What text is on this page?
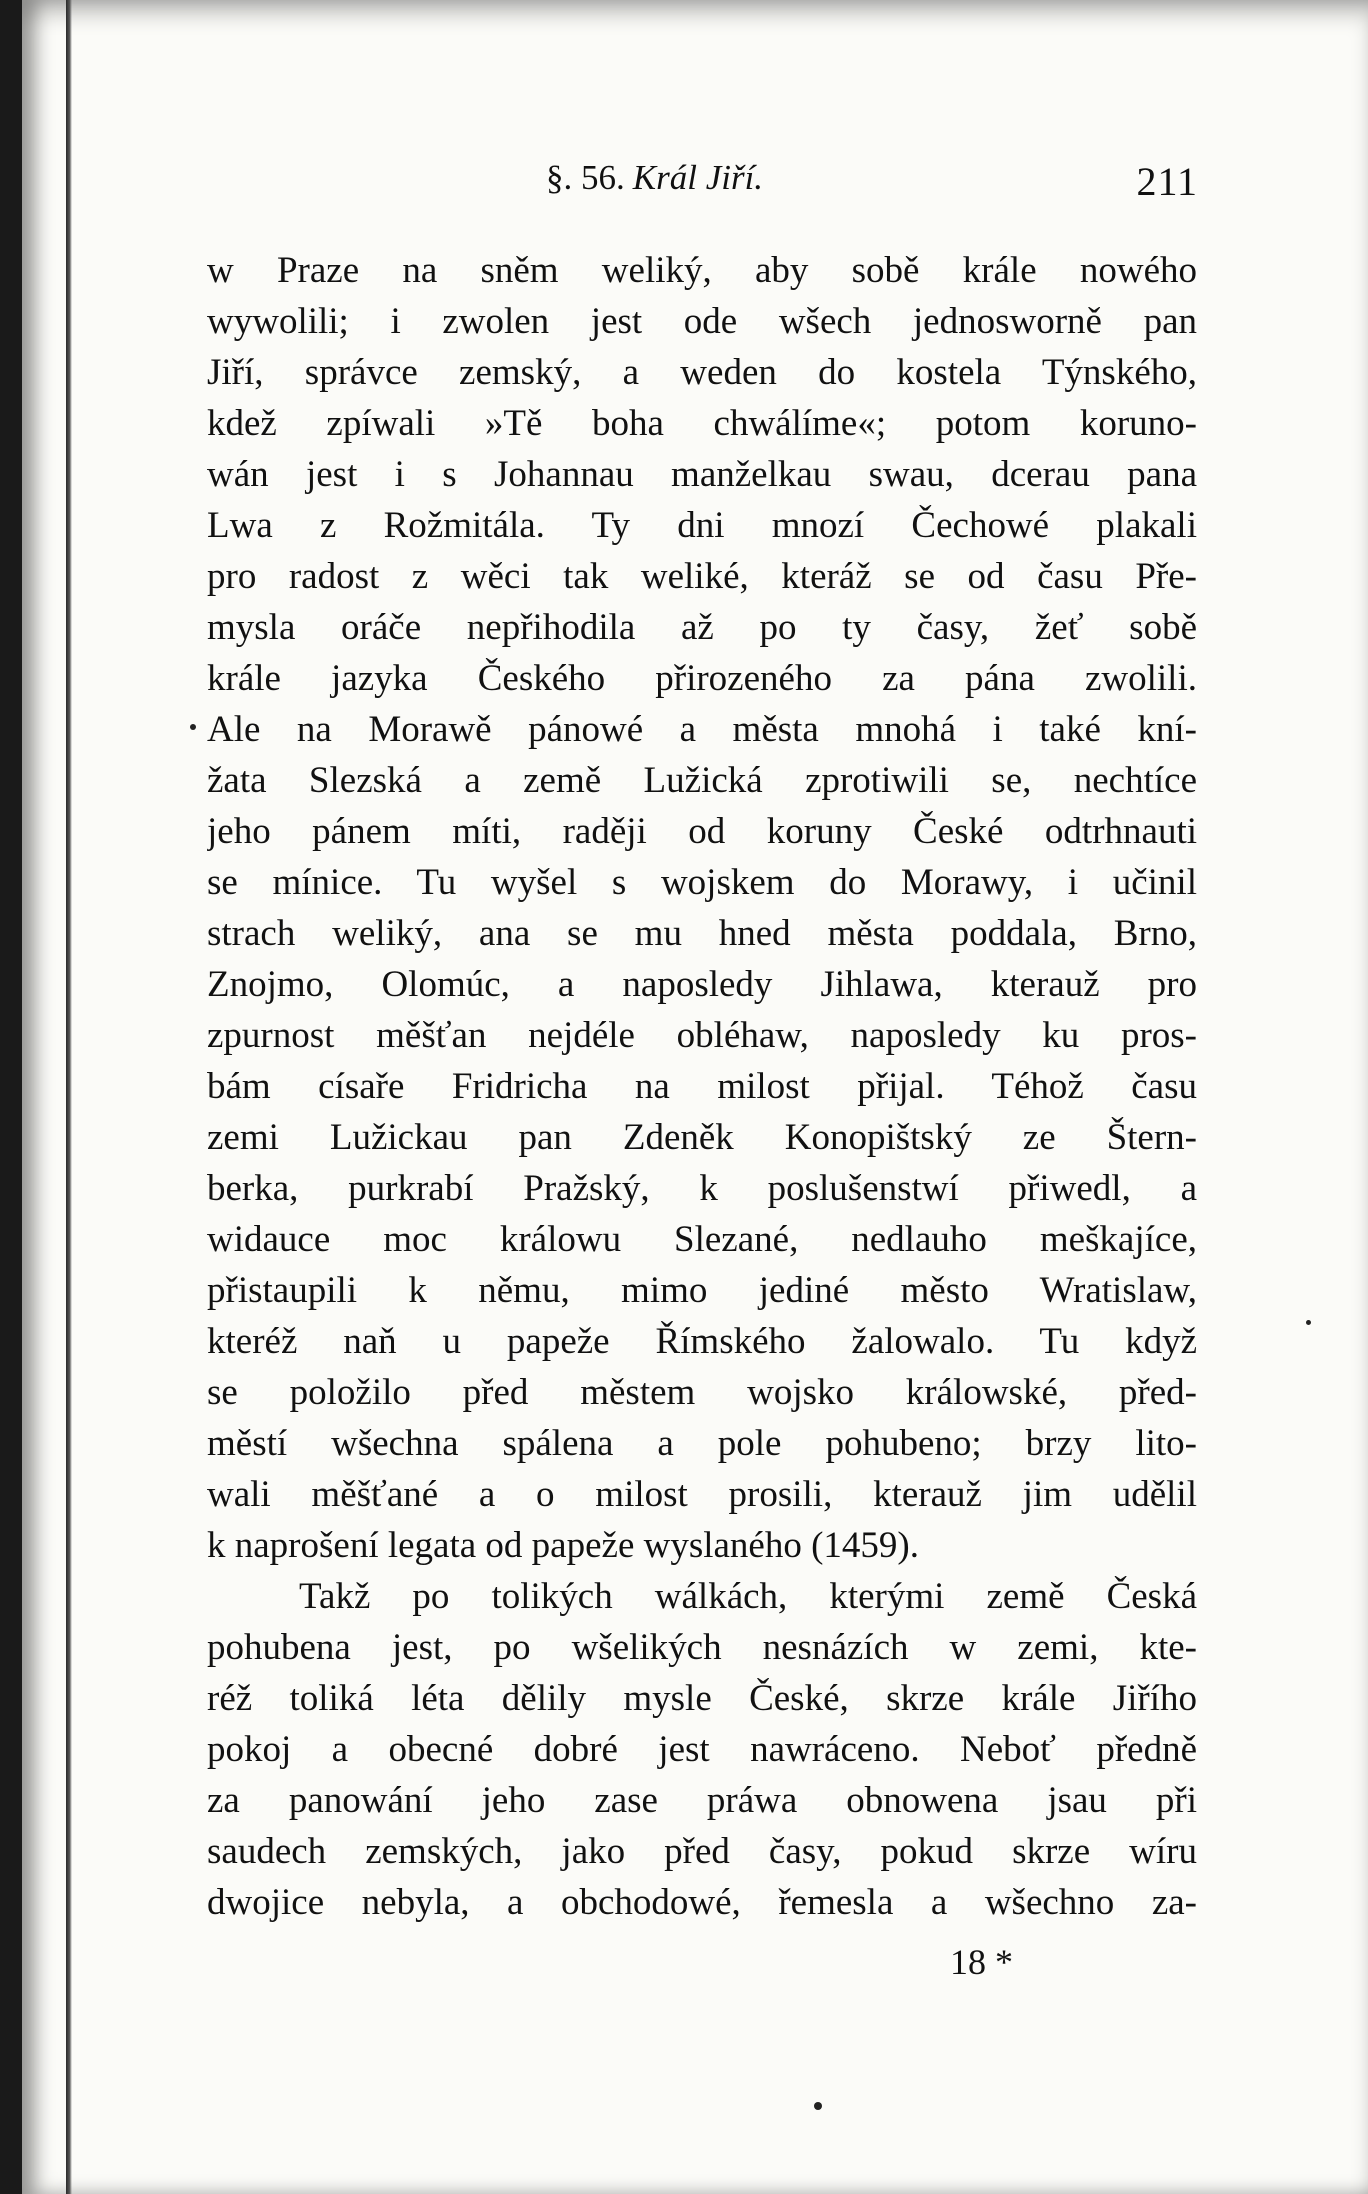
§. 56. Král Jiří.	211
w Praze na sněm weliký, aby sobě krále nowého
wywolili; i zwolen jest ode wšech jednosworně pan
Jiří, správce zemský, a weden do kostela Týnského,
kdež zpíwali »Tě boha chwálíme«; potom koruno-
wán jest i s Johannau manželkau swau, dcerau pana
Lwa z Rožmitála. Ty dni mnozí Čechowé plakali
pro radost z wěci tak weliké, kteráž se od času Pře-
mysla oráče nepřihodila až po ty časy, žeť sobě
krále jazyka Českého přirozeného za pána zwolili.
Ale na Morawě pánowé a města mnohá i také kní-
žata Slezská a země Lužická zprotiwili se, nechtíce
jeho pánem míti, raději od koruny České odtrhnauti
se mínice. Tu wyšel s wojskem do Morawy, i učinil
strach weliký, ana se mu hned města poddala, Brno,
Znojmo, Olomúc, a naposledy Jihlawa, kterauž pro
zpurnost měšťan nejdéle obléhaw, naposledy ku pros-
bám císaře Fridricha na milost přijal. Téhož času
zemi Lužickau pan Zdeněk Konopištský ze Štern-
berka, purkrabí Pražský, k poslušenstwí přiwedl, a
widauce moc králowu Slezané, nedlauho meškajíce,
přistaupili k němu, mimo jediné město Wratislaw,
kteréž naň u papeže Římského žalowalo. Tu když
se položilo před městem wojsko králowské, před-
městí wšechna spálena a pole pohubeno; brzy lito-
wali měšťané a o milost prosili, kterauž jim udělil
k naprošení legata od papeže wyslaného (1459).
Takž po tolikých wálkách, kterými země Česká
pohubena jest, po wšelikých nesnázích w zemi, kte-
réž toliká léta dělily mysle České, skrze krále Jiřího
pokoj a obecné dobré jest nawráceno. Neboť předně
za panowání jeho zase práwa obnowena jsau při
saudech zemských, jako před časy, pokud skrze wíru
dwojice nebyla, a obchodowé, řemesla a wšechno za-
18 *
